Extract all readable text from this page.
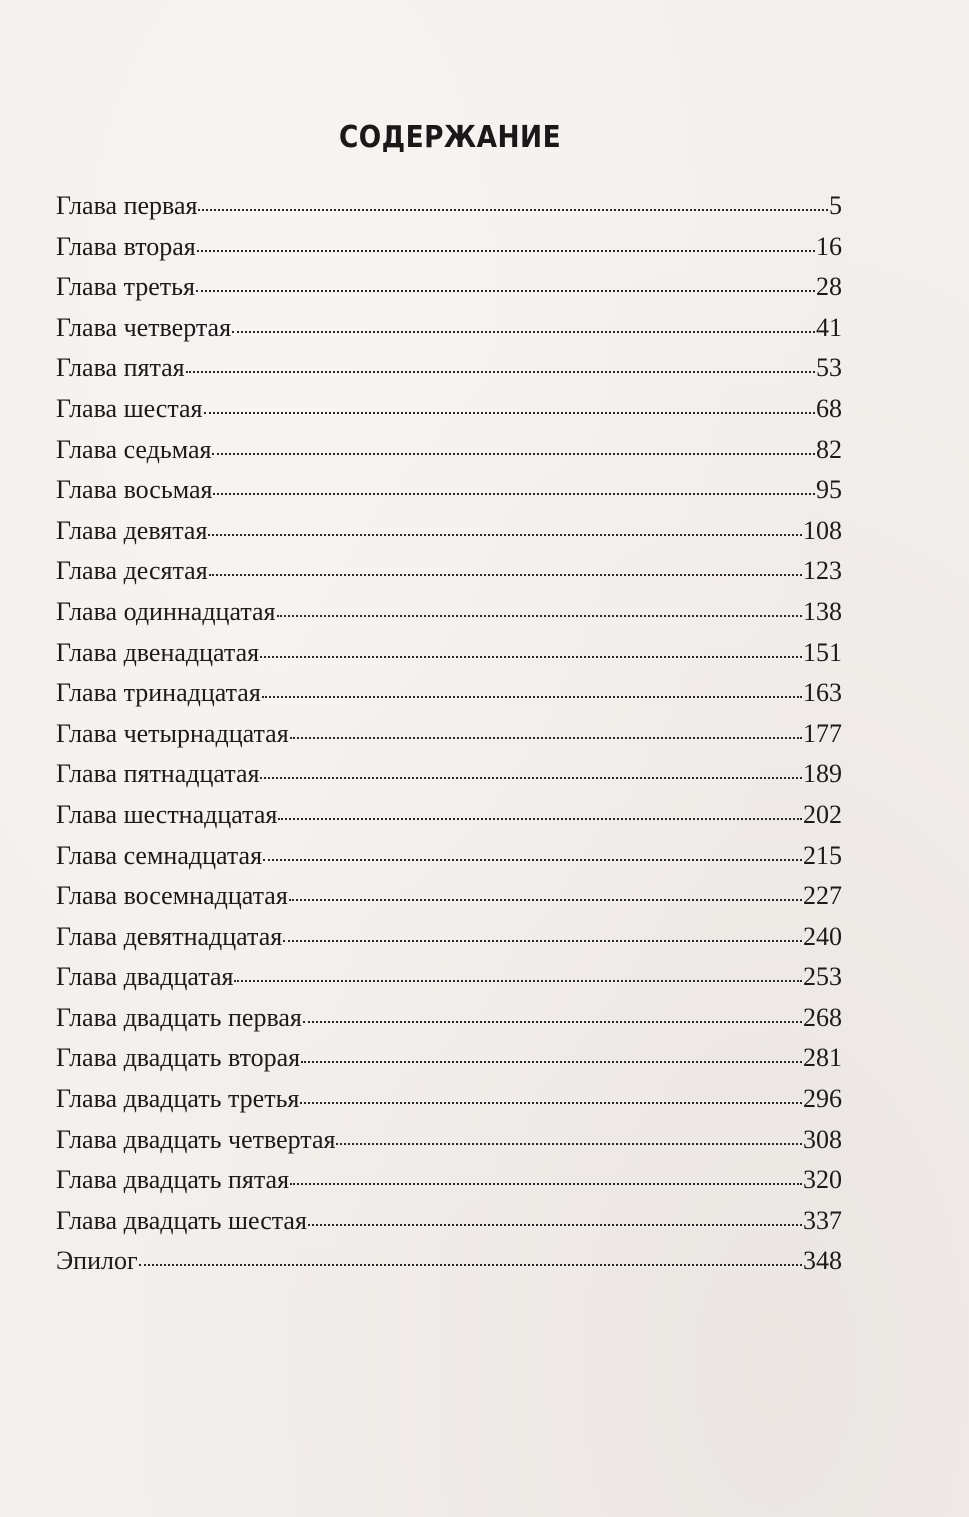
СОДЕРЖАНИЕ
Глава первая	5
Глава вторая	16
Глава третья	28
Глава четвертая	41
Глава пятая	53
Глава шестая	68
Глава седьмая	82
Глава восьмая	95
Глава девятая	108
Глава десятая	123
Глава одиннадцатая	138
Глава двенадцатая	151
Глава тринадцатая	163
Глава четырнадцатая	177
Глава пятнадцатая	189
Глава шестнадцатая	202
Глава семнадцатая	215
Глава восемнадцатая	227
Глава девятнадцатая	240
Глава двадцатая	253
Глава двадцать первая	268
Глава двадцать вторая	281
Глава двадцать третья	296
Глава двадцать четвертая	308
Глава двадцать пятая	320
Глава двадцать шестая	337
Эпилог	348
